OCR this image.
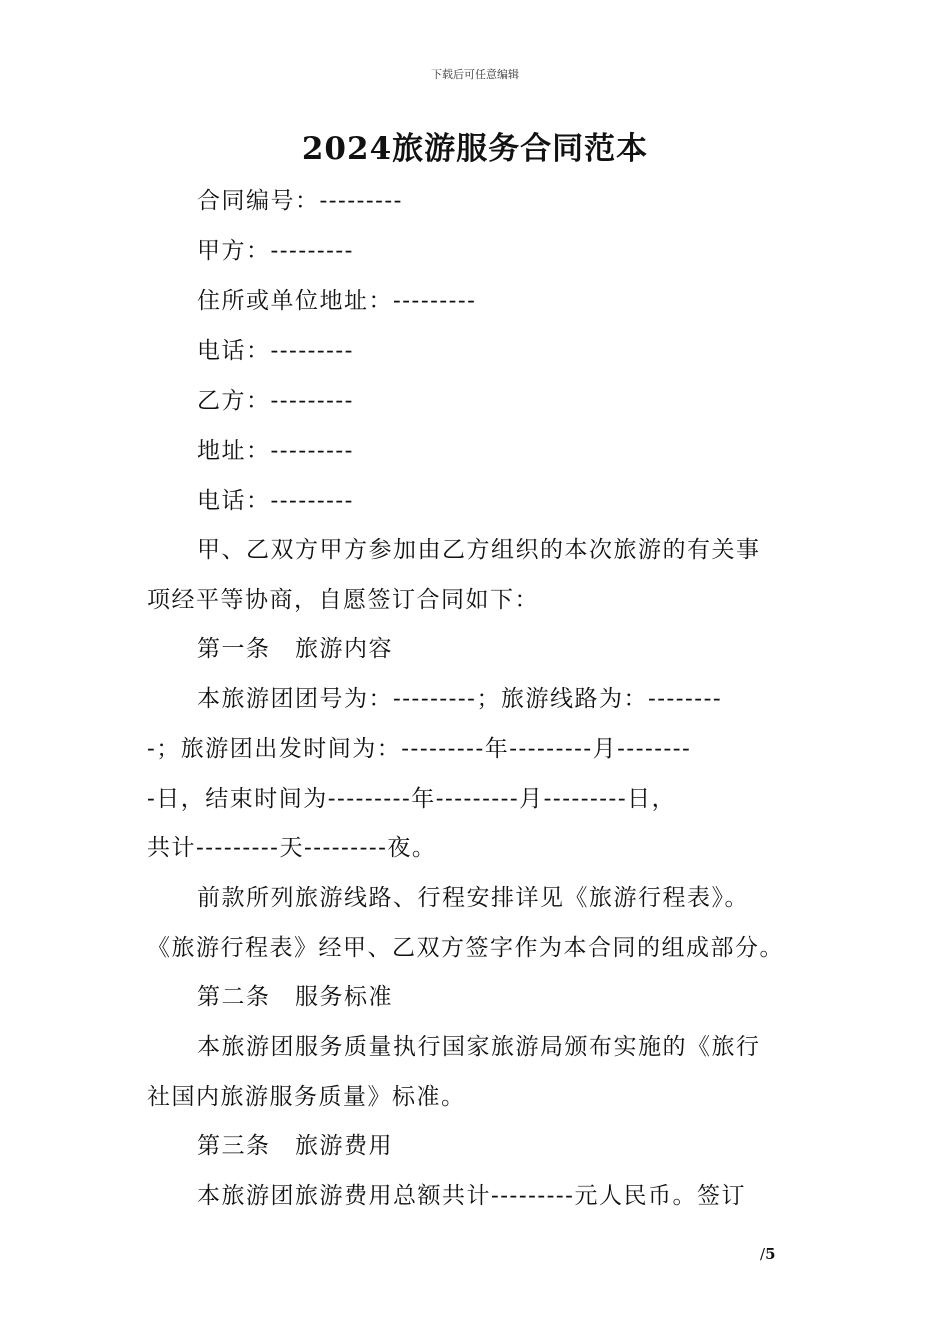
下载后可任意编辑
2024旅游服务合同范本
合同编号：---------
甲方：---------
住所或单位地址：---------
电话：---------
乙方：---------
地址：---------
电话：---------
甲、乙双方甲方参加由乙方组织的本次旅游的有关事
项经平等协商，自愿签订合同如下：
第一条　旅游内容
本旅游团团号为：---------；旅游线路为：--------
-；旅游团出发时间为：---------年---------月--------
-日，结束时间为---------年---------月---------日，
共计---------天---------夜。
前款所列旅游线路、行程安排详见《旅游行程表》。
《旅游行程表》经甲、乙双方签字作为本合同的组成部分。
第二条　服务标准
本旅游团服务质量执行国家旅游局颁布实施的《旅行
社国内旅游服务质量》标准。
第三条　旅游费用
本旅游团旅游费用总额共计---------元人民币。签订
/5
